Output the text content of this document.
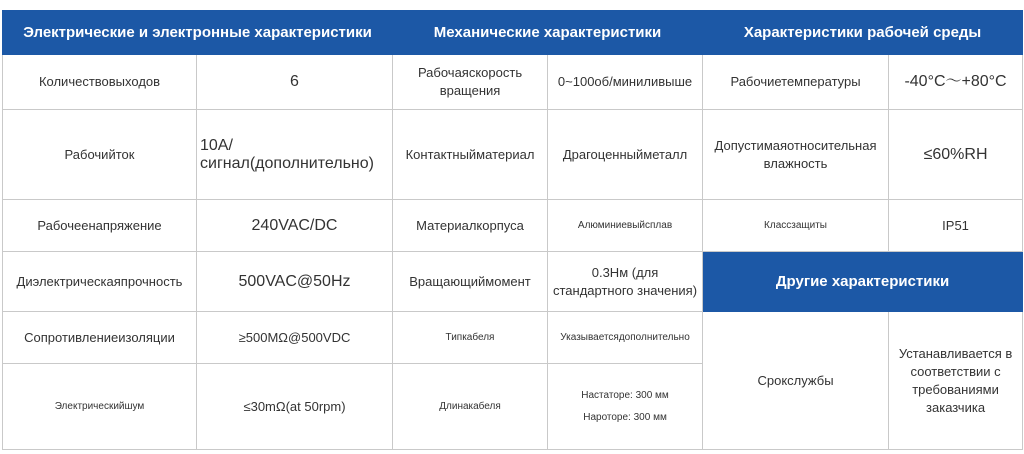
Электрические и электронные характеристики		Механические характеристики		Характеристики рабочей среды	
Количествовыходов	6	Рабочаяскорость вращения	0~100об/миниливыше	Рабочиетемпературы	-40°C～+80°C
Рабочийток	10A/сигнал(дополнительно)	Контактныйматериал	Драгоценныйметалл	Допустимаяотносительная влажность	≤60%RH
Рабочеенапряжение	240VAC/DC	Материалкорпуса	Алюминиевыйсплав	Классзащиты	IP51
Диэлектрическаяпрочность	500VAC@50Hz	Вращающиймомент	0.3Нм (для стандартного значения)	Другие характеристики	
Сопротивлениеизоляции	≥500MΩ@500VDC	Типкабеля	Указываетсядополнительно	Срокслужбы	Устанавливается в соответствии с требованиями заказчика
Электрическийшум	≤30mΩ(at 50rpm)	Длинакабеля	Настаторе: 300 мм
Нароторе: 300 мм		
